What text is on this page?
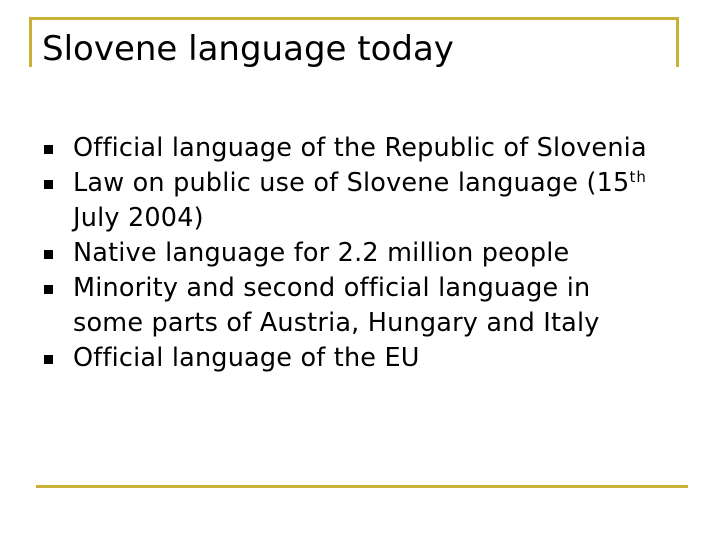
Slovene language today
Official language of the Republic of Slovenia
Law on public use of Slovene language (15th July 2004)
Native language for 2.2 million people
Minority and second official language in some parts of Austria, Hungary and Italy
Official language of the EU
